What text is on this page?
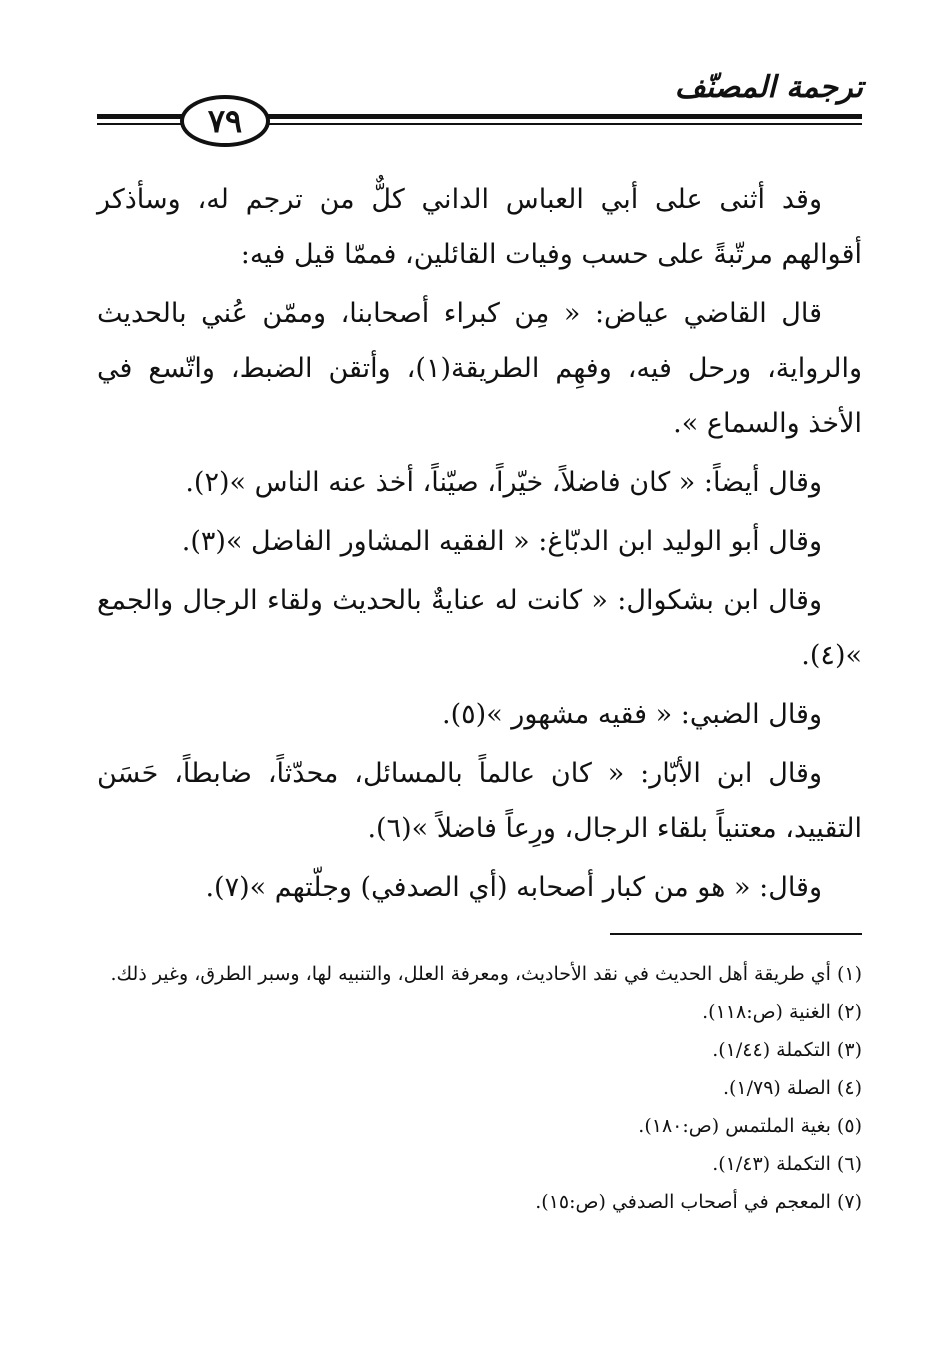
ترجمة المصنّف
٧٩

وقد أثنى على أبي العباس الداني كلٌّ من ترجم له، وسأذكر أقوالهم مرتّبةً على حسب وفيات القائلين، فممّا قيل فيه:

قال القاضي عياض: « مِن كبراء أصحابنا، وممّن عُني بالحديث والرواية، ورحل فيه، وفهِم الطريقة(١)، وأتقن الضبط، واتّسع في الأخذ والسماع ».

وقال أيضاً: « كان فاضلاً، خيّراً، صيّناً، أخذ عنه الناس »(٢).

وقال أبو الوليد ابن الدبّاغ: « الفقيه المشاور الفاضل »(٣).

وقال ابن بشكوال: « كانت له عنايةٌ بالحديث ولقاء الرجال والجمع »(٤).

وقال الضبي: « فقيه مشهور »(٥).

وقال ابن الأبّار: « كان عالماً بالمسائل، محدّثاً، ضابطاً، حَسَن التقييد، معتنياً بلقاء الرجال، ورِعاً فاضلاً »(٦).

وقال: « هو من كبار أصحابه (أي الصدفي) وجلّتهم »(٧).

(١) أي طريقة أهل الحديث في نقد الأحاديث، ومعرفة العلل، والتنبيه لها، وسبر الطرق، وغير ذلك.

(٢) الغنية (ص:١١٨).

(٣) التكملة (١/٤٤).

(٤) الصلة (١/٧٩).

(٥) بغية الملتمس (ص:١٨٠).

(٦) التكملة (١/٤٣).

(٧) المعجم في أصحاب الصدفي (ص:١٥).
